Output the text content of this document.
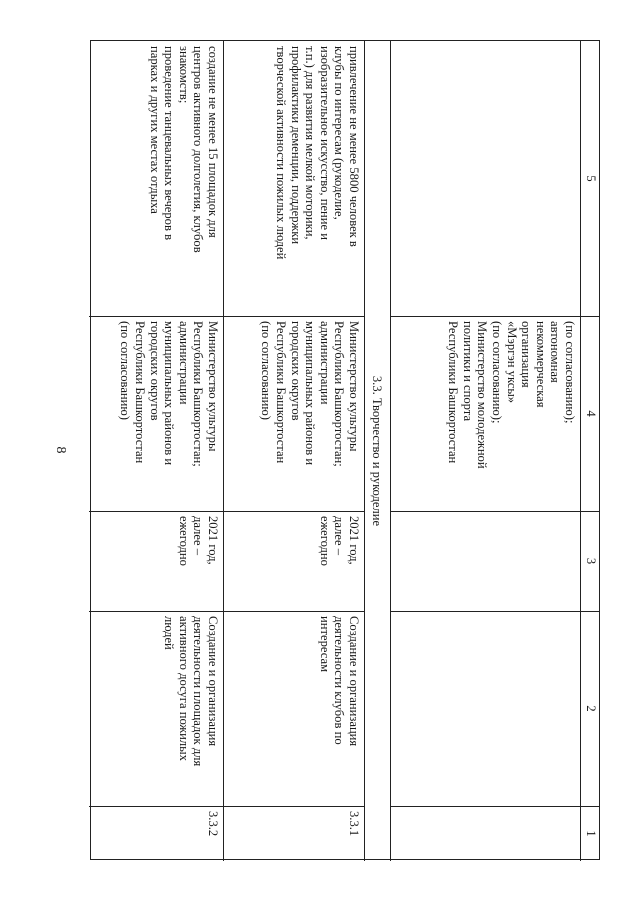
8
5
4
3
2
1
(по согласованию);
автономная
некоммерческая
организация
«Мэргэн уксы»
(по согласованию);
Министерство молодежной
политики и спорта
Республики Башкортостан
3.3. Творчество и рукоделие
3.3.1
Создание и организация
деятельности клубов по
интересам
2021 год,
далее –
ежегодно
Министерство культуры
Республики Башкортостан;
администрации
муниципальных районов и
городских округов
Республики Башкортостан
(по согласованию)
привлечение не менее 5800 человек в
клубы по интересам (рукоделие,
изобразительное искусство, пение и
т.п.) для развития мелкой моторики,
профилактики деменции, поддержки
творческой активности пожилых людей
3.3.2
Создание и организация
деятельности площадок для
активного досуга пожилых
людей
2021 год,
далее –
ежегодно
Министерство культуры
Республики Башкортостан;
администрации
муниципальных районов и
городских округов
Республики Башкортостан
(по согласованию)
создание не менее 15 площадок для
центров активного долголетия, клубов
знакомств;
проведение танцевальных вечеров в
парках и других местах отдыха
